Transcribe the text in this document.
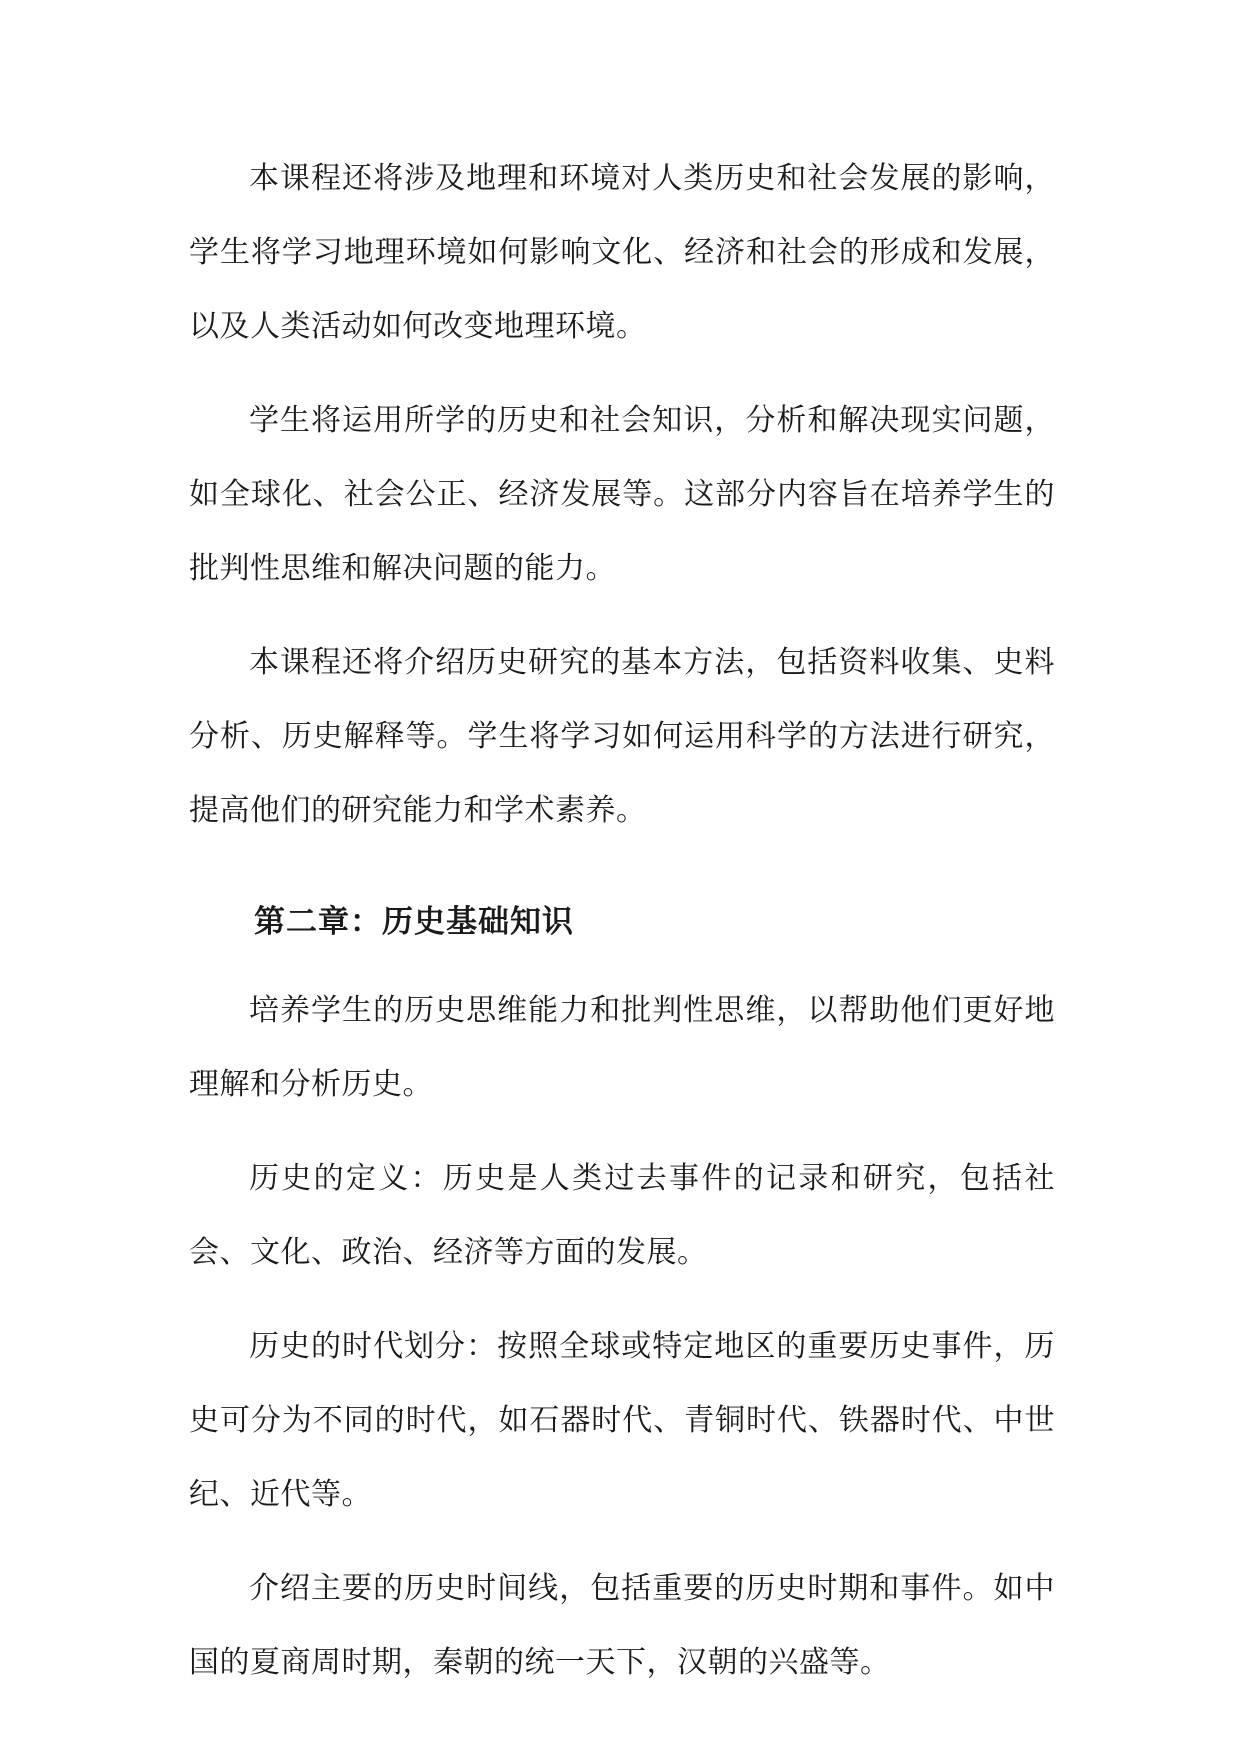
本课程还将涉及地理和环境对人类历史和社会发展的影响，学生将学习地理环境如何影响文化、经济和社会的形成和发展，以及人类活动如何改变地理环境。

学生将运用所学的历史和社会知识，分析和解决现实问题，如全球化、社会公正、经济发展等。这部分内容旨在培养学生的批判性思维和解决问题的能力。

本课程还将介绍历史研究的基本方法，包括资料收集、史料分析、历史解释等。学生将学习如何运用科学的方法进行研究，提高他们的研究能力和学术素养。

第二章：历史基础知识

培养学生的历史思维能力和批判性思维，以帮助他们更好地理解和分析历史。

历史的定义：历史是人类过去事件的记录和研究，包括社会、文化、政治、经济等方面的发展。

历史的时代划分：按照全球或特定地区的重要历史事件，历史可分为不同的时代，如石器时代、青铜时代、铁器时代、中世纪、近代等。

介绍主要的历史时间线，包括重要的历史时期和事件。如中国的夏商周时期，秦朝的统一天下，汉朝的兴盛等。
